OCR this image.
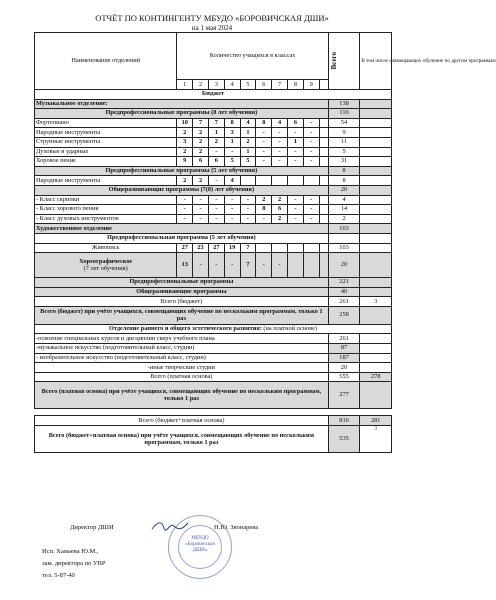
ОТЧЁТ ПО КОНТИНГЕНТУ МБУДО «БОРОВИЧСКАЯ ДШИ»
на 1 мая 2024
Наименование отделений	Количество учащихся в классах										Всего	В том числе совмещающих обучение по другим программам
	1	2	3	4	5	6	7	8	9			
Бюджет												
Музыкальное отделение:											138	
Предпрофессиональные программы (8 лет обучения)											110	
Фортепиано	10	7	7	8	4	8	4	6	-		54	
Народные инструменты	2	2	1	3	1	-	-	-	-		9	
Струнные инструменты	3	2	2	1	2	-	-	1	-		11	
Духовые и ударные	2	2	-	-	1	-	-	-	-		5	
Хоровое пение	9	6	6	5	5	-	-	-	-		31	
Предпрофессиональные программы (5 лет обучения)											8	
Народные инструменты	2	2	-	4							8	
Общеразвивающие программы (7(8) лет обучения)											20	
- Класс скрипки	-	-	-	-	-	2	2	-	-		4	
- Класс хорового пения	-	-	-	-	-	8	6	-	-		14	
- Класс духовых инструментов	-	-	-	-	-	-	2	-	-		2	
Художественное отделение											103	
Предпрофессиональная программа (5 лет обучения)												
Живопись	27	23	27	19	7						103	
Хореографическое
(7 лет обучения)	13	-	-	-	7	-	-				20	
Предпрофессиональные программы											221	
Общеразвивающие программы											40	
Всего (бюджет)											261	3
Всего (бюджет) при учёте учащихся, совмещающих обучение по нескольким программам, только 1 раз											258	
Отделение раннего и общего эстетического развития: (на платной основе)												
-освоение специальных курсов и дисциплин сверх учебного плана											261	
-музыкальное искусство (подготовительный класс, студии)											87	
- изобразительное искусство (подготовительный класс, студии)											187	
-иные творческие студии											20	
Всего (платная основа)											555	278
Всего (платная основа) при учёте учащихся, совмещающих обучение по нескольким программам, только 1 раз											277	

Всего (бюджет+платная основа)											816	281
Всего (бюджет+платная основа) при учёте учащихся, совмещающих обучение по нескольким программам, только 1 раз											535	3
Директор ДШИ	Н.Ю. Звонарева
МБУДО «Боровичская ДШИ»
Исп. Хамаева Ю.М.,
зам. директора по УВР
тел. 5-87-40
